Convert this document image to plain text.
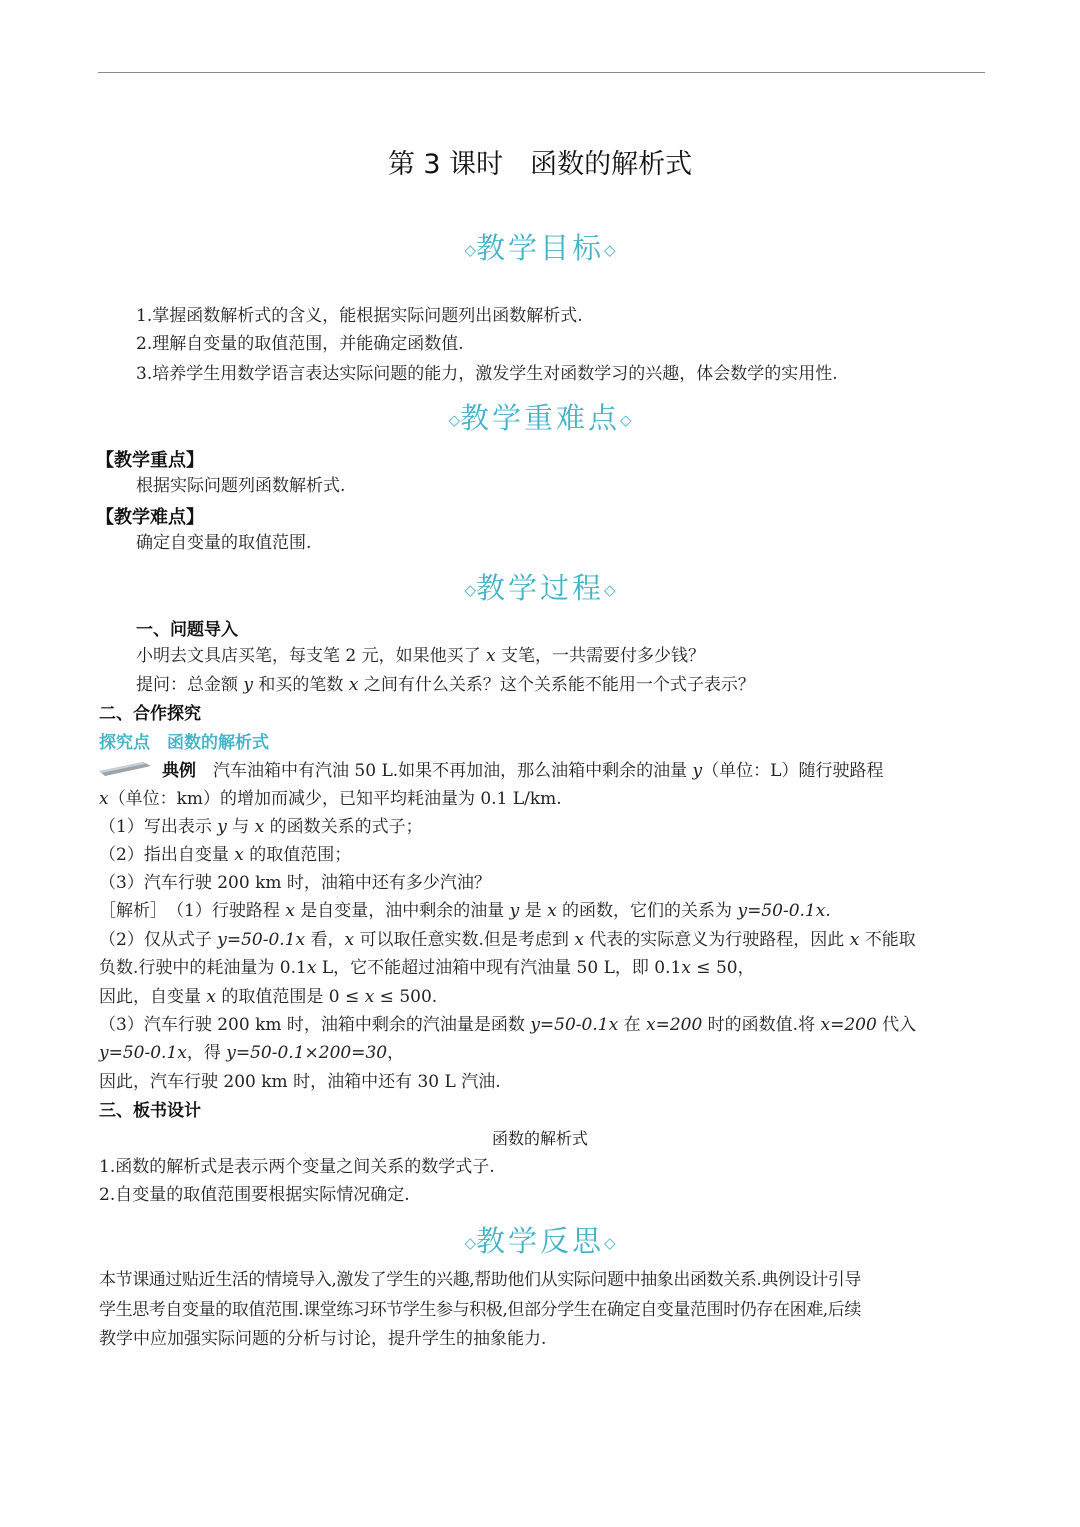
第 3 课时　函数的解析式
◇教学目标◇
1.掌握函数解析式的含义，能根据实际问题列出函数解析式.
2.理解自变量的取值范围，并能确定函数值.
3.培养学生用数学语言表达实际问题的能力，激发学生对函数学习的兴趣，体会数学的实用性.
◇教学重难点◇
【教学重点】
根据实际问题列函数解析式.
【教学难点】
确定自变量的取值范围.
◇教学过程◇
一、问题导入
小明去文具店买笔，每支笔 2 元，如果他买了 x 支笔，一共需要付多少钱？
提问：总金额 y 和买的笔数 x 之间有什么关系？这个关系能不能用一个式子表示？
二、合作探究
探究点　函数的解析式
典例　汽车油箱中有汽油 50 L.如果不再加油，那么油箱中剩余的油量 y（单位：L）随行驶路程
x（单位：km）的增加而减少，已知平均耗油量为 0.1 L/km.
（1）写出表示 y 与 x 的函数关系的式子；
（2）指出自变量 x 的取值范围；
（3）汽车行驶 200 km 时，油箱中还有多少汽油？
［解析］　（1）行驶路程 x 是自变量，油中剩余的油量 y 是 x 的函数，它们的关系为 y=50-0.1x.
（2）仅从式子 y=50-0.1x 看，x 可以取任意实数.但是考虑到 x 代表的实际意义为行驶路程，因此 x 不能取
负数.行驶中的耗油量为 0.1x L，它不能超过油箱中现有汽油量 50 L，即 0.1x ≤ 50，
因此，自变量 x 的取值范围是 0 ≤ x ≤ 500.
（3）汽车行驶 200 km 时，油箱中剩余的汽油量是函数 y=50-0.1x 在 x=200 时的函数值.将 x=200 代入
y=50-0.1x，得 y=50-0.1×200=30，
因此，汽车行驶 200 km 时，油箱中还有 30 L 汽油.
三、板书设计
函数的解析式
1.函数的解析式是表示两个变量之间关系的数学式子.
2.自变量的取值范围要根据实际情况确定.
◇教学反思◇
本节课通过贴近生活的情境导入,激发了学生的兴趣,帮助他们从实际问题中抽象出函数关系.典例设计引导
学生思考自变量的取值范围.课堂练习环节学生参与积极,但部分学生在确定自变量范围时仍存在困难,后续
教学中应加强实际问题的分析与讨论，提升学生的抽象能力.
